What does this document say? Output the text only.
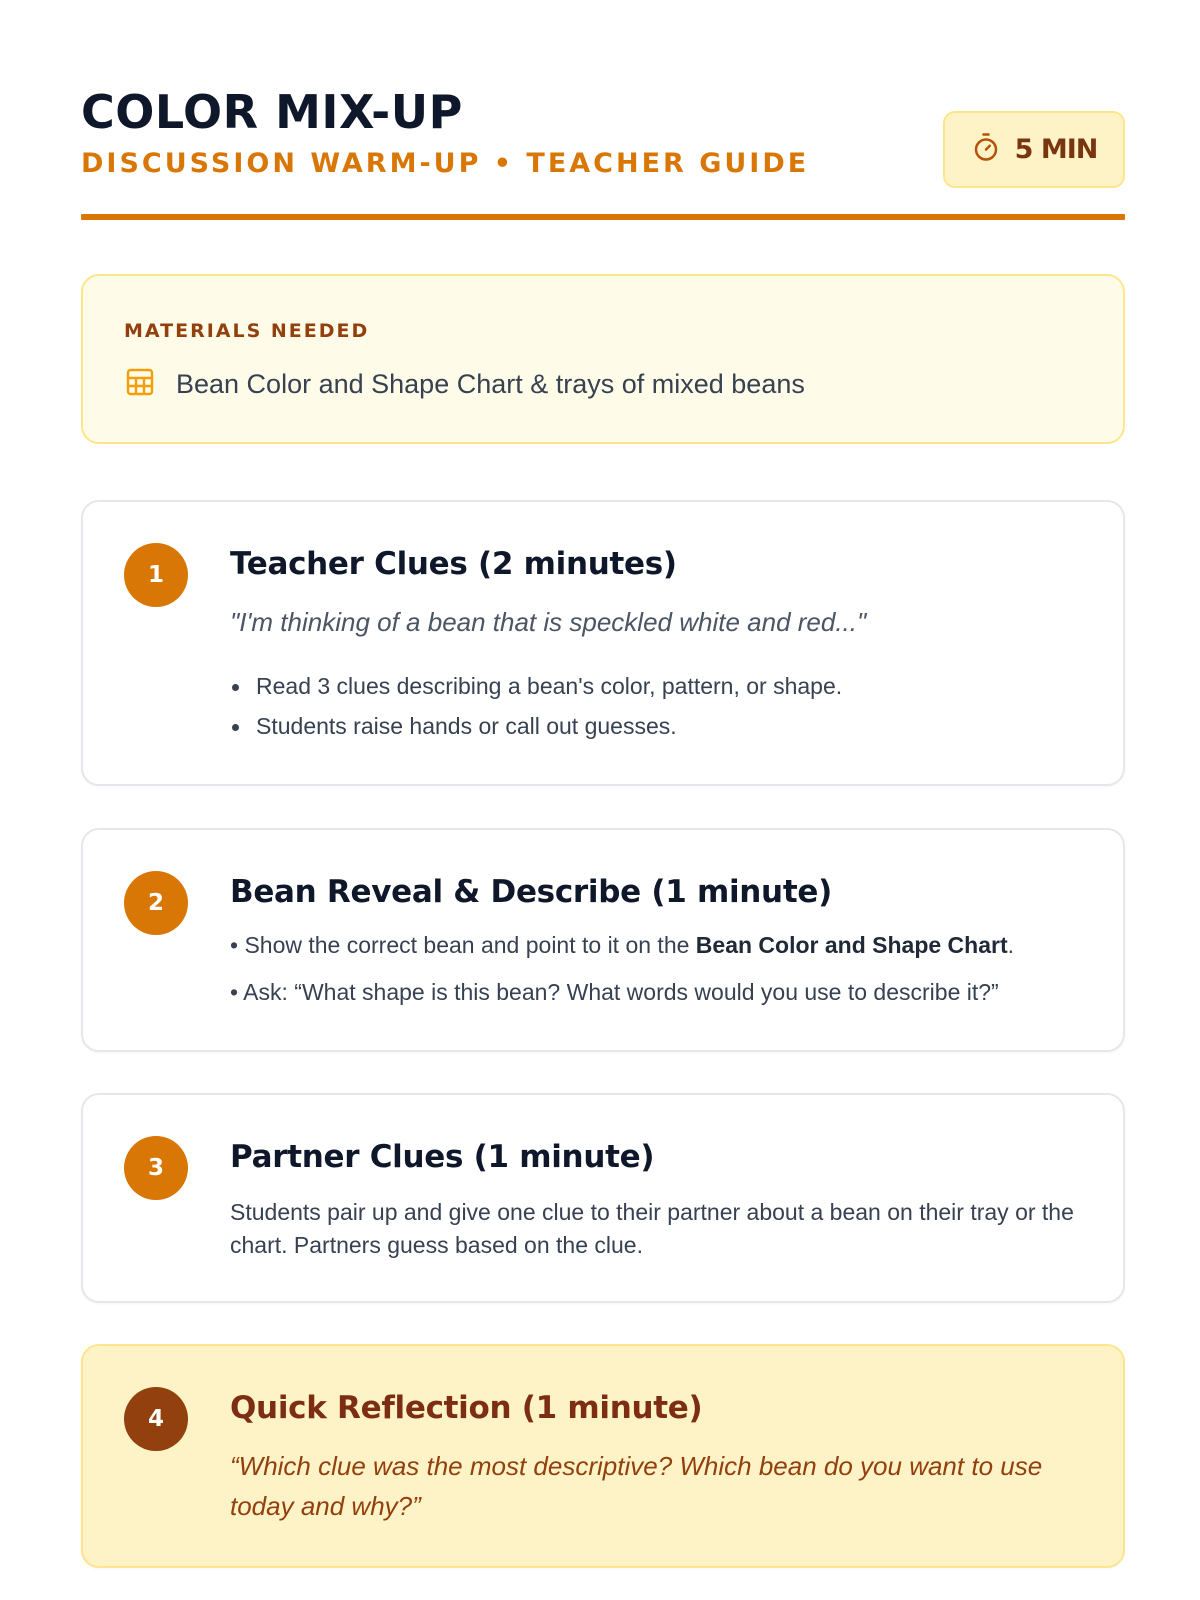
COLOR MIX-UP
DISCUSSION WARM-UP • TEACHER GUIDE	5 MIN
MATERIALS NEEDED
Bean Color and Shape Chart & trays of mixed beans
1	Teacher Clues (2 minutes)
"I'm thinking of a bean that is speckled white and red..."
Read 3 clues describing a bean's color, pattern, or shape.
Students raise hands or call out guesses.
2	Bean Reveal & Describe (1 minute)
• Show the correct bean and point to it on the Bean Color and Shape Chart.
• Ask: “What shape is this bean? What words would you use to describe it?”
3	Partner Clues (1 minute)
Students pair up and give one clue to their partner about a bean on their tray or the chart. Partners guess based on the clue.
4	Quick Reflection (1 minute)
“Which clue was the most descriptive? Which bean do you want to use today and why?”
